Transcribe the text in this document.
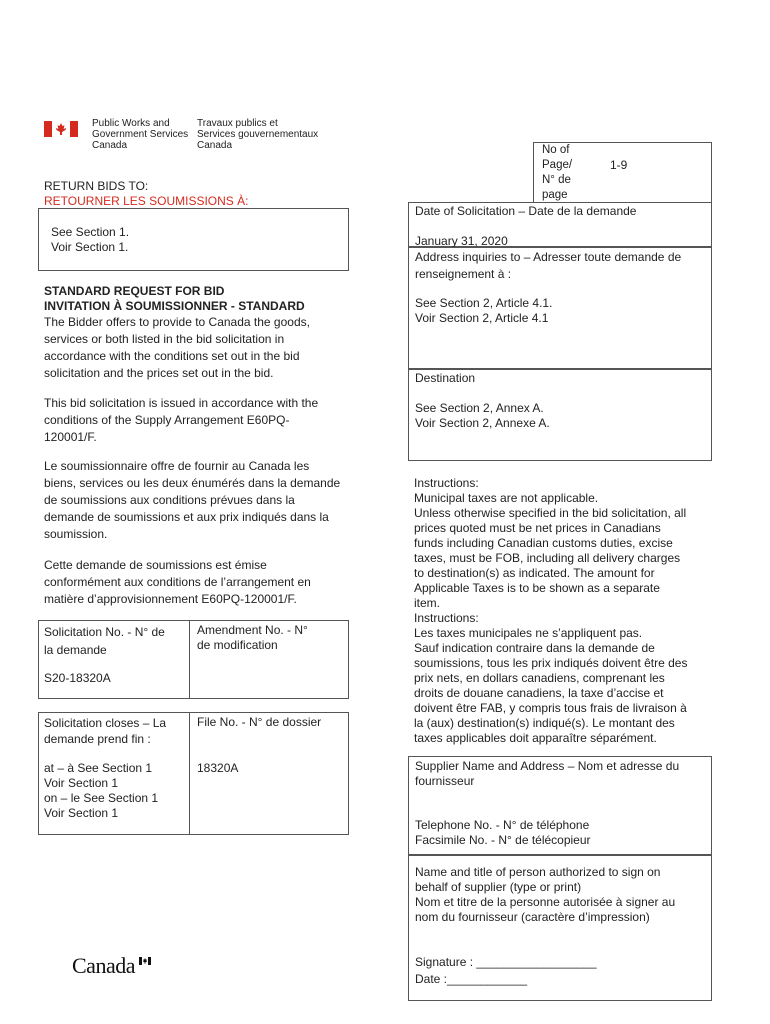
Public Works and
Government Services
Canada
Travaux publics et
Services gouvernementaux
Canada
RETURN BIDS TO:
RETOURNER LES SOUMISSIONS À:
See Section 1.
Voir Section 1.
No of
Page/
N° de
page
1-9
Date of Solicitation – Date de la demande
January 31, 2020
Address inquiries to – Adresser toute demande de
renseignement à :
See Section 2, Article 4.1.
Voir Section 2, Article 4.1
Destination
See Section 2, Annex A.
Voir Section 2, Annexe A.
Instructions:
Municipal taxes are not applicable.
Unless otherwise specified in the bid solicitation, all
prices quoted must be net prices in Canadians
funds including Canadian customs duties, excise
taxes, must be FOB, including all delivery charges
to destination(s) as indicated. The amount for
Applicable Taxes is to be shown as a separate
item.
Instructions:
Les taxes municipales ne s’appliquent pas.
Sauf indication contraire dans la demande de
soumissions, tous les prix indiqués doivent être des
prix nets, en dollars canadiens, comprenant les
droits de douane canadiens, la taxe d’accise et
doivent être FAB, y compris tous frais de livraison à
la (aux) destination(s) indiqué(s). Le montant des
taxes applicables doit apparaître séparément.
Supplier Name and Address – Nom et adresse du
fournisseur
Telephone No. - N° de téléphone
Facsimile No. - N° de télécopieur
Name and title of person authorized to sign on
behalf of supplier (type or print)
Nom et titre de la personne autorisée à signer au
nom du fournisseur (caractère d’impression)
Signature : __________________
Date :____________
STANDARD REQUEST FOR BID
INVITATION À SOUMISSIONNER - STANDARD
The Bidder offers to provide to Canada the goods,
services or both listed in the bid solicitation in
accordance with the conditions set out in the bid
solicitation and the prices set out in the bid.
This bid solicitation is issued in accordance with the
conditions of the Supply Arrangement E60PQ-
120001/F.
Le soumissionnaire offre de fournir au Canada les
biens, services ou les deux énumérés dans la demande
de soumissions aux conditions prévues dans la
demande de soumissions et aux prix indiqués dans la
soumission.
Cette demande de soumissions est émise
conformément aux conditions de l’arrangement en
matière d’approvisionnement E60PQ-120001/F.
Solicitation No. - N° de
la demande
S20-18320A
Amendment No. - N°
de modification
Solicitation closes – La
demande prend fin :
at – à See Section 1
Voir Section 1
on – le See Section 1
Voir Section 1
File No. - N° de dossier
18320A
Canada
